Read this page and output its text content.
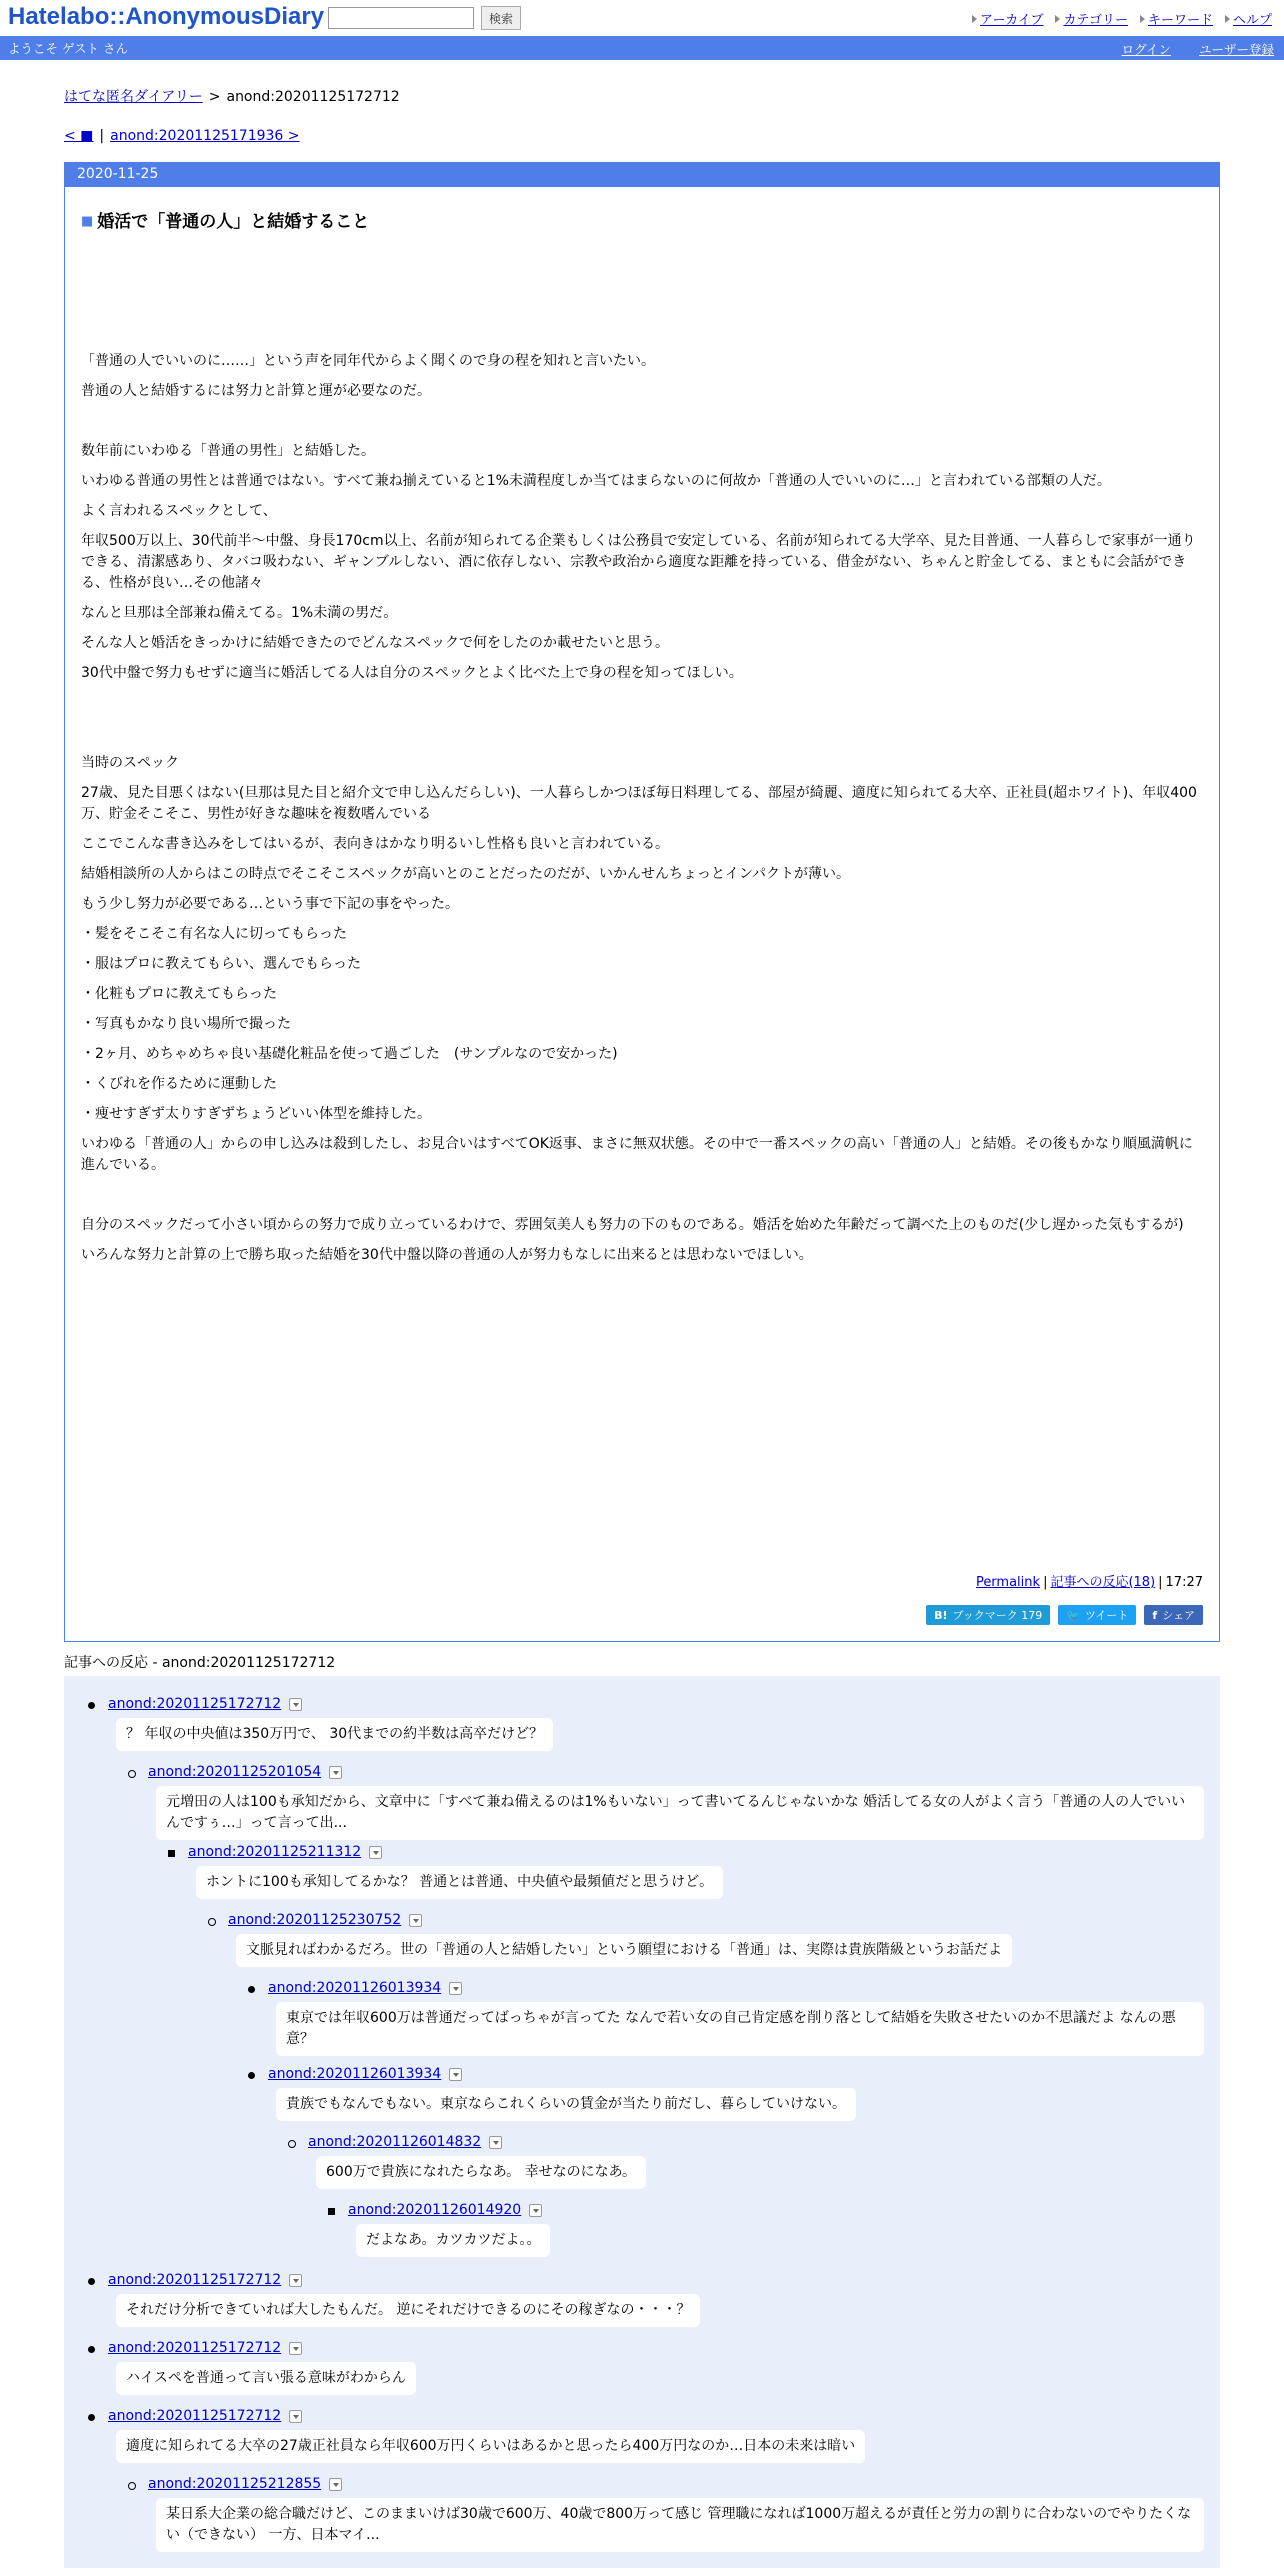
Hatelabo::AnonymousDiary	検索	アーカイブ カテゴリー キーワード ヘルプ
ようこそ ゲスト さん	ログイン ユーザー登録
はてな匿名ダイアリー > anond:20201125172712
< ■ | anond:20201125171936 >
2020-11-25
■ 婚活で「普通の人」と結婚すること

「普通の人でいいのに……」という声を同年代からよく聞くので身の程を知れと言いたい。

普通の人と結婚するには努力と計算と運が必要なのだ。

数年前にいわゆる「普通の男性」と結婚した。

いわゆる普通の男性とは普通ではない。すべて兼ね揃えていると1%未満程度しか当てはまらないのに何故か「普通の人でいいのに…」と言われている部類の人だ。

よく言われるスペックとして、

年収500万以上、30代前半〜中盤、身長170cm以上、名前が知られてる企業もしくは公務員で安定している、名前が知られてる大学卒、見た目普通、一人暮らしで家事が一通りできる、清潔感あり、タバコ吸わない、ギャンブルしない、酒に依存しない、宗教や政治から適度な距離を持っている、借金がない、ちゃんと貯金してる、まともに会話ができる、性格が良い…その他諸々

なんと旦那は全部兼ね備えてる。1%未満の男だ。

そんな人と婚活をきっかけに結婚できたのでどんなスペックで何をしたのか載せたいと思う。

30代中盤で努力もせずに適当に婚活してる人は自分のスペックとよく比べた上で身の程を知ってほしい。

当時のスペック

27歳、見た目悪くはない(旦那は見た目と紹介文で申し込んだらしい)、一人暮らしかつほぼ毎日料理してる、部屋が綺麗、適度に知られてる大卒、正社員(超ホワイト)、年収400万、貯金そこそこ、男性が好きな趣味を複数嗜んでいる

ここでこんな書き込みをしてはいるが、表向きはかなり明るいし性格も良いと言われている。

結婚相談所の人からはこの時点でそこそこスペックが高いとのことだったのだが、いかんせんちょっとインパクトが薄い。

もう少し努力が必要である…という事で下記の事をやった。

・髪をそこそこ有名な人に切ってもらった

・服はプロに教えてもらい、選んでもらった

・化粧もプロに教えてもらった

・写真もかなり良い場所で撮った

・2ヶ月、めちゃめちゃ良い基礎化粧品を使って過ごした　(サンプルなので安かった)

・くびれを作るために運動した

・痩せすぎず太りすぎずちょうどいい体型を維持した。

いわゆる「普通の人」からの申し込みは殺到したし、お見合いはすべてOK返事、まさに無双状態。その中で一番スペックの高い「普通の人」と結婚。その後もかなり順風満帆に進んでいる。

自分のスペックだって小さい頃からの努力で成り立っているわけで、雰囲気美人も努力の下のものである。婚活を始めた年齢だって調べた上のものだ(少し遅かった気もするが)

いろんな努力と計算の上で勝ち取った結婚を30代中盤以降の普通の人が努力もなしに出来るとは思わないでほしい。

Permalink | 記事への反応(18) | 17:27
B! ブックマーク
179 🐦 ツイート f シェア
記事への反応 - anond:20201125172712
anond:20201125172712
？ 年収の中央値は350万円で、 30代までの約半数は高卒だけど？
anond:20201125201054
元増田の人は100も承知だから、文章中に「すべて兼ね備えるのは1%もいない」って書いてるんじゃないかな 婚活してる女の人がよく言う「普通の人の人でいいんですぅ…」って言って出...
anond:20201125211312
ホントに100も承知してるかな？ 普通とは普通、中央値や最頻値だと思うけど。
anond:20201125230752
文脈見ればわかるだろ。世の「普通の人と結婚したい」という願望における「普通」は、実際は貴族階級というお話だよ
anond:20201126013934
東京では年収600万は普通だってばっちゃが言ってた なんで若い女の自己肯定感を削り落として結婚を失敗させたいのか不思議だよ なんの悪意？
anond:20201126013934
貴族でもなんでもない。東京ならこれくらいの賃金が当たり前だし、暮らしていけない。
anond:20201126014832
600万で貴族になれたらなあ。 幸せなのになあ。
anond:20201126014920
だよなあ。カツカツだよ。。
anond:20201125172712
それだけ分析できていれば大したもんだ。 逆にそれだけできるのにその稼ぎなの・・・？
anond:20201125172712
ハイスペを普通って言い張る意味がわからん
anond:20201125172712
適度に知られてる大卒の27歳正社員なら年収600万円くらいはあるかと思ったら400万円なのか…日本の未来は暗い
anond:20201125212855
某日系大企業の総合職だけど、このままいけば30歳で600万、40歳で800万って感じ 管理職になれば1000万超えるが責任と労力の割りに合わないのでやりたくない（できない） 一方、日本マイ...
